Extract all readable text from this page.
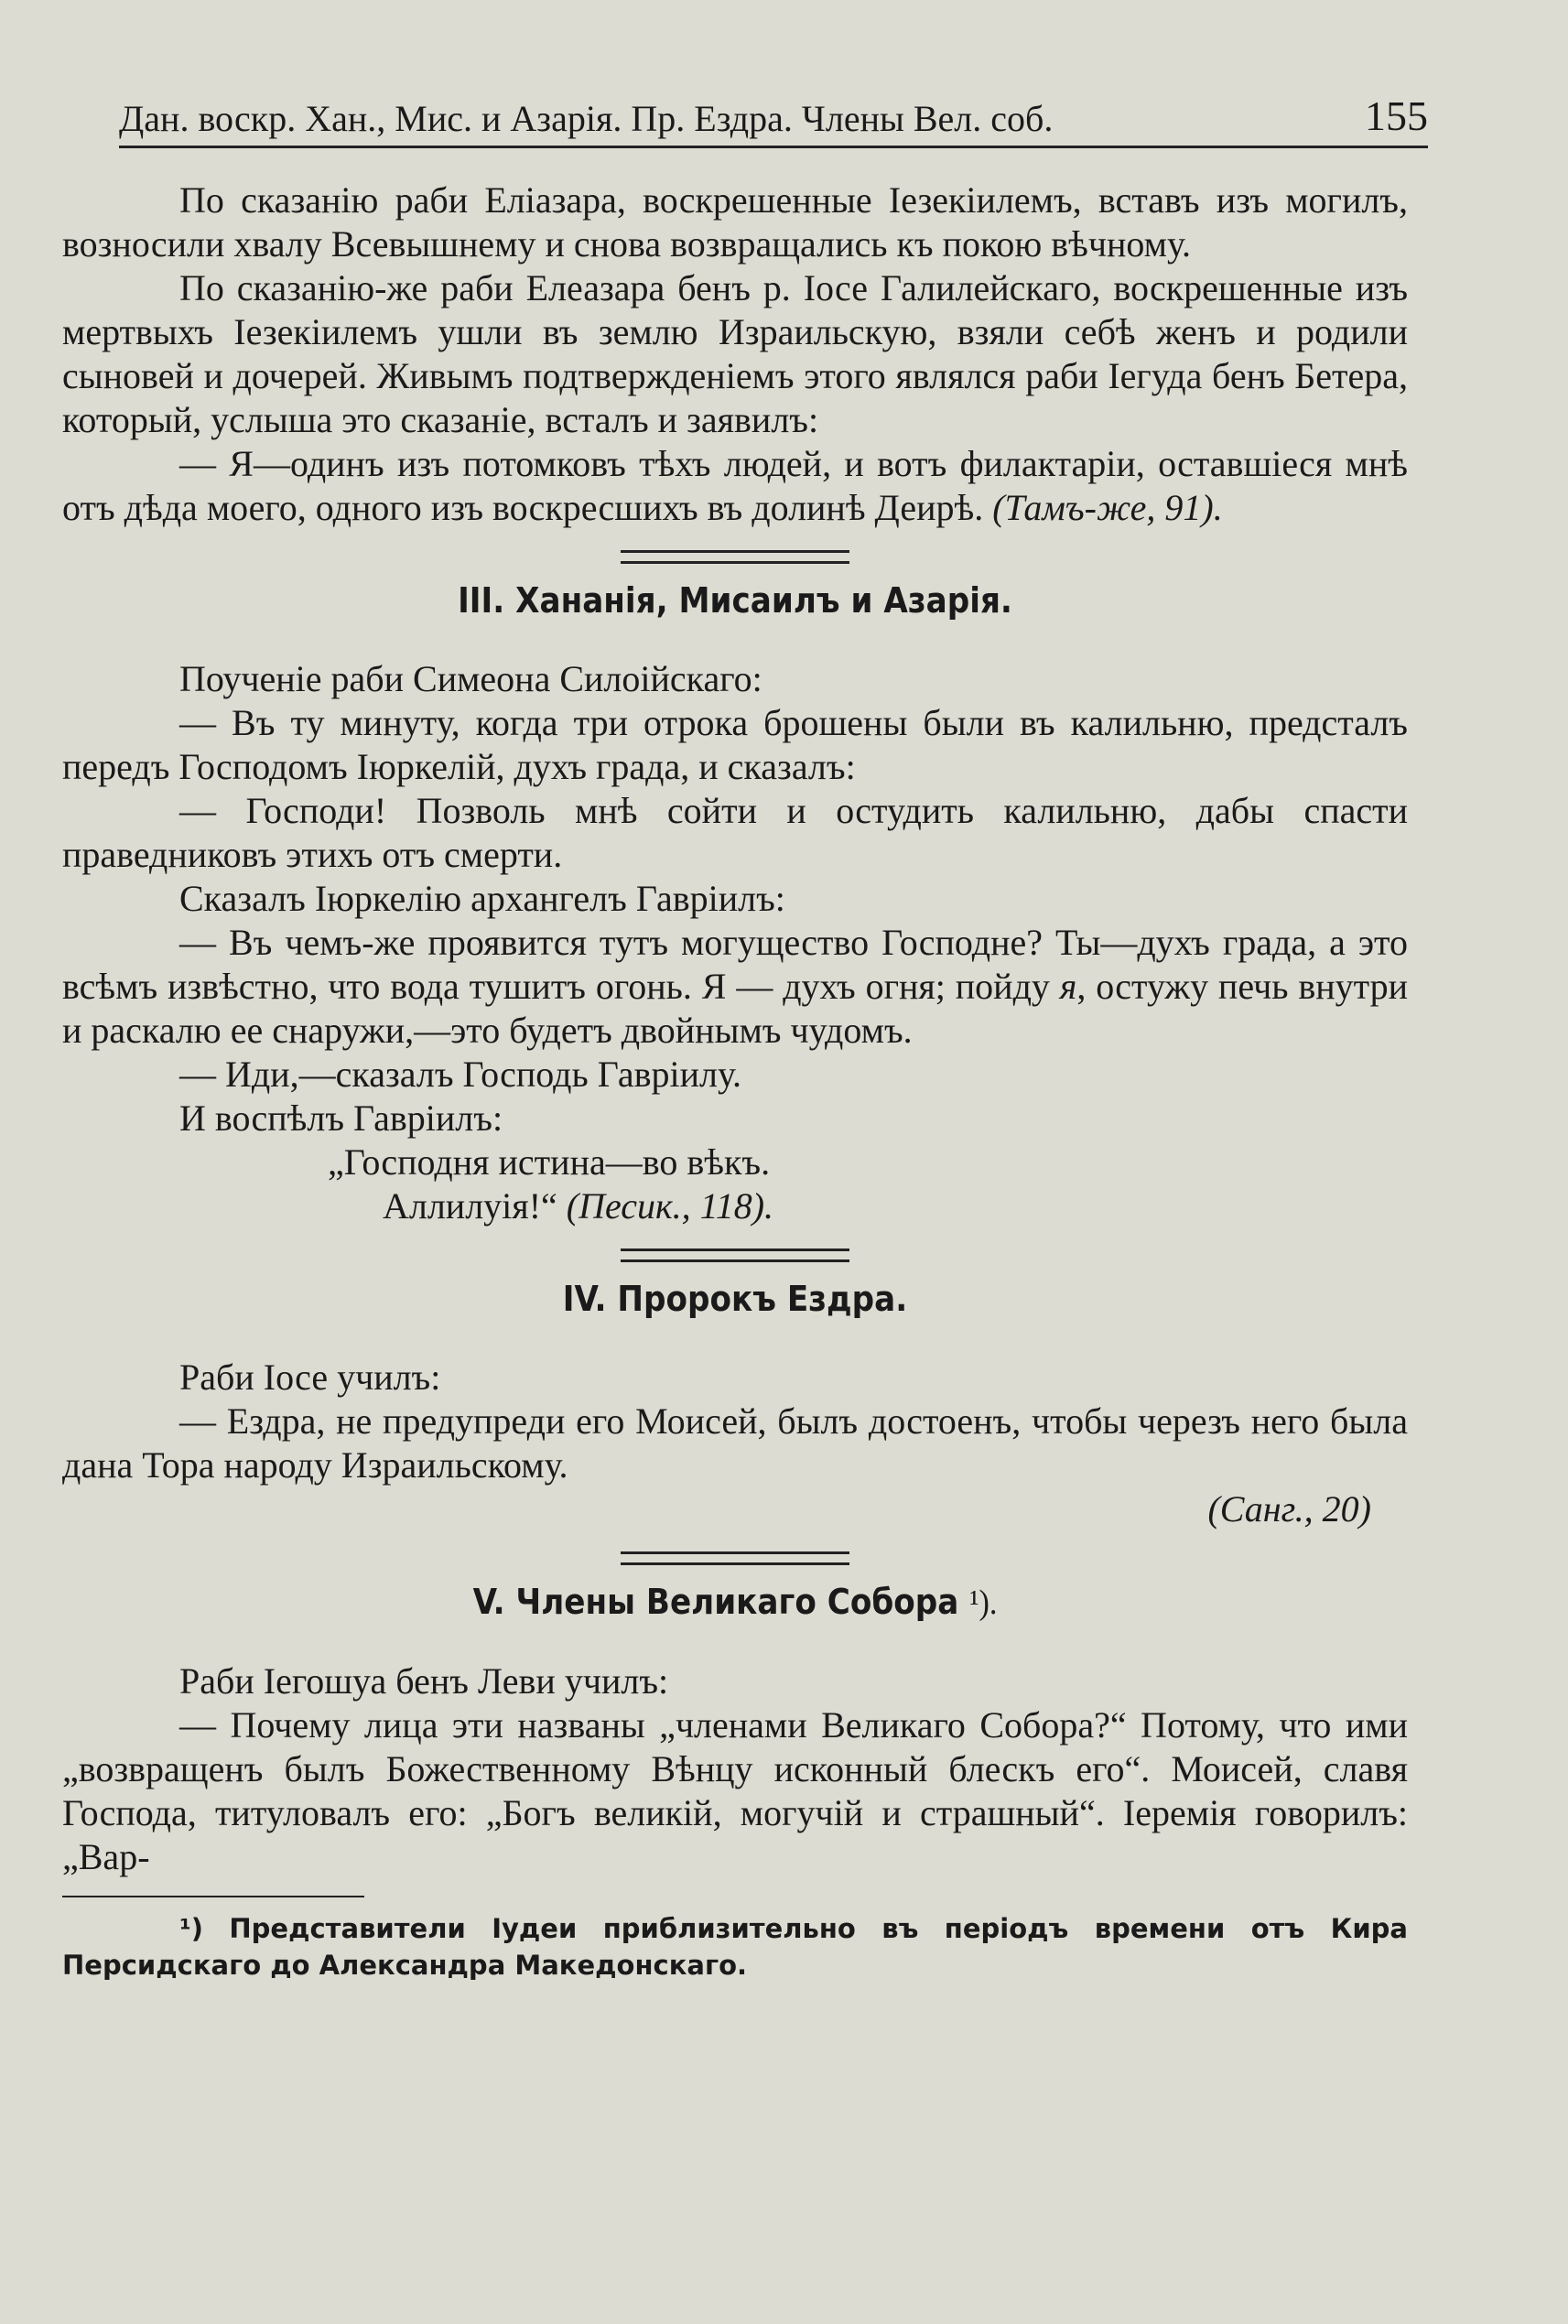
Дан. воскр. Хан., Мис. и Азарія. Пр. Ездра. Члены Вел. соб.	155

По сказанію раби Еліазара, воскрешенные Іезекіилемъ, вставъ изъ могилъ, возносили хвалу Всевышнему и снова возвращались къ покою вѣчному.

По сказанію-же раби Елеазара бенъ р. Іосе Галилейскаго, воскрешенные изъ мертвыхъ Іезекіилемъ ушли въ землю Израильскую, взяли себѣ женъ и родили сыновей и дочерей. Живымъ подтвержденіемъ этого являлся раби Іегуда бенъ Бетера, который, услыша это сказаніе, всталъ и заявилъ:

— Я—одинъ изъ потомковъ тѣхъ людей, и вотъ филактаріи, оставшіеся мнѣ отъ дѣда моего, одного изъ воскресшихъ въ долинѣ Деирѣ. (Тамъ-же, 91).

III. Хананія, Мисаилъ и Азарія.

Поученіе раби Симеона Силоійскаго:

— Въ ту минуту, когда три отрока брошены были въ калильню, предсталъ передъ Господомъ Іюркелій, духъ града, и сказалъ:

— Господи! Позволь мнѣ сойти и остудить калильню, дабы спасти праведниковъ этихъ отъ смерти.

Сказалъ Іюркелію архангелъ Гавріилъ:

— Въ чемъ-же проявится тутъ могущество Господне? Ты—духъ града, а это всѣмъ извѣстно, что вода тушитъ огонь. Я — духъ огня; пойду я, остужу печь внутри и раскалю ее снаружи,—это будетъ двойнымъ чудомъ.

— Иди,—сказалъ Господь Гавріилу.

И воспѣлъ Гавріилъ:

„Господня истина—во вѣкъ.

Аллилуія!“ (Песик., 118).

IV. Пророкъ Ездра.

Раби Іосе училъ:

— Ездра, не предупреди его Моисей, былъ достоенъ, чтобы черезъ него была дана Тора народу Израильскому.

(Санг., 20)

V. Члены Великаго Собора ¹).

Раби Іегошуа бенъ Леви училъ:

— Почему лица эти названы „членами Великаго Собора?“ Потому, что ими „возвращенъ былъ Божественному Вѣнцу исконный блескъ его“. Моисей, славя Господа, титуловалъ его: „Богъ великій, могучій и страшный“. Іеремія говорилъ: „Вар-

¹) Представители Іудеи приблизительно въ періодъ времени отъ Кира Персидскаго до Александра Македонскаго.
